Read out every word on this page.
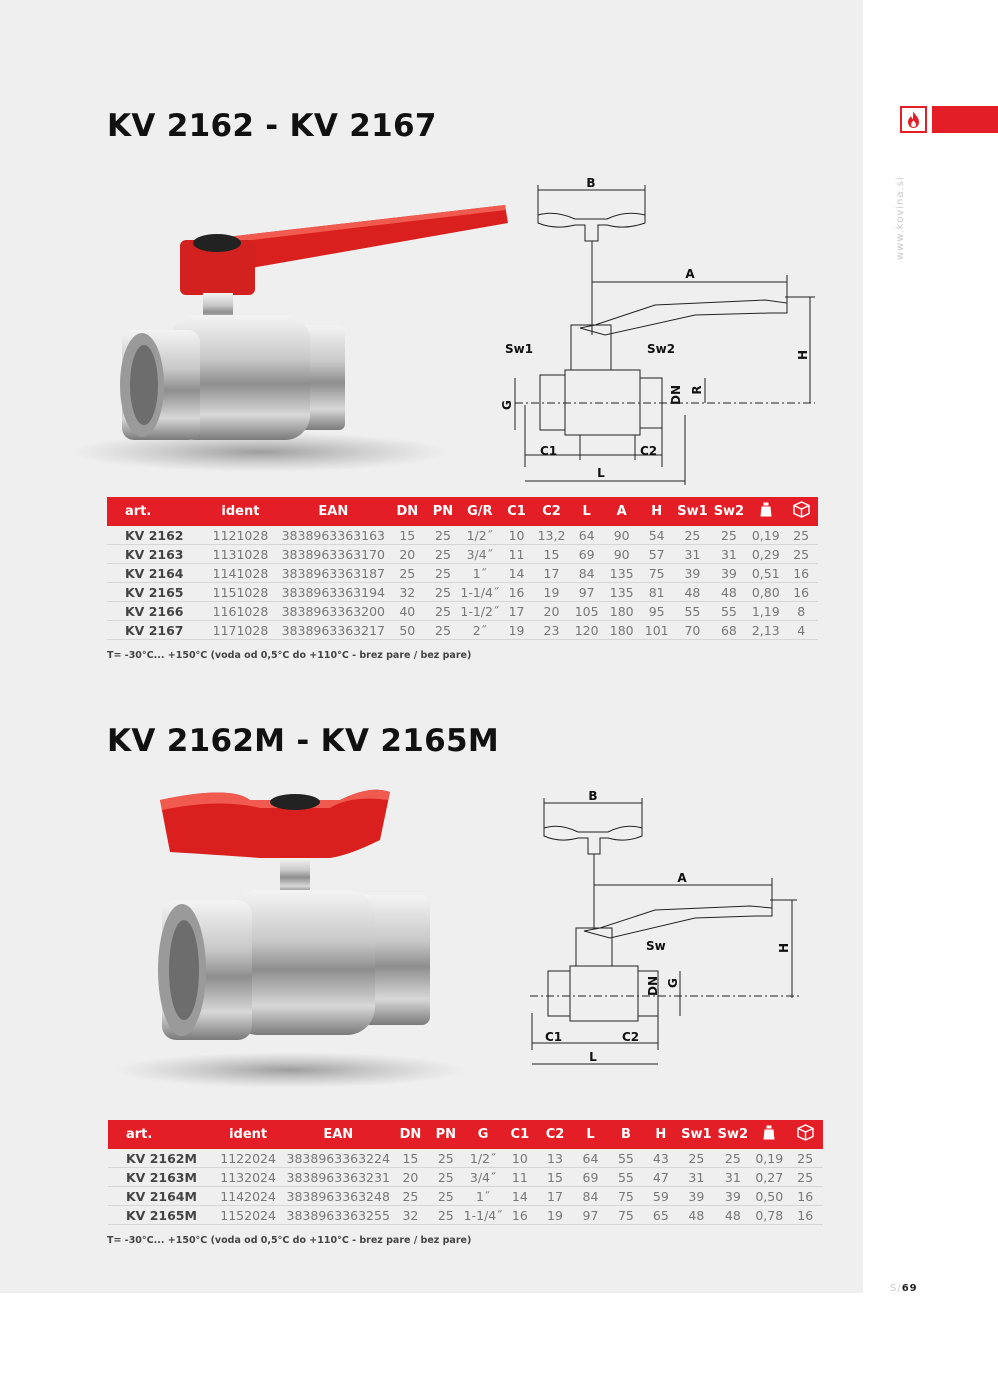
www.kovina.si
KV 2162 - KV 2167
B
A
H
Sw1	Sw2
G	DN R
C1	C2
L
art.	ident	EAN	DN	PN	G/R	C1	C2	L	A	H	Sw1	Sw2		
KV 2162	1121028	3838963363163	15	25	1/2˝	10	13,2	64	90	54	25	25	0,19	25
KV 2163	1131028	3838963363170	20	25	3/4˝	11	15	69	90	57	31	31	0,29	25
KV 2164	1141028	3838963363187	25	25	1˝	14	17	84	135	75	39	39	0,51	16
KV 2165	1151028	3838963363194	32	25	1-1/4˝	16	19	97	135	81	48	48	0,80	16
KV 2166	1161028	3838963363200	40	25	1-1/2˝	17	20	105	180	95	55	55	1,19	8
KV 2167	1171028	3838963363217	50	25	2˝	19	23	120	180	101	70	68	2,13	4
T= -30°C... +150°C (voda od 0,5°C do +110°C - brez pare / bez pare)
KV 2162M - KV 2165M
B
A
H
Sw
DN G
C1	C2
L
art.	ident	EAN	DN	PN	G	C1	C2	L	B	H	Sw1	Sw2		
KV 2162M	1122024	3838963363224	15	25	1/2˝	10	13	64	55	43	25	25	0,19	25
KV 2163M	1132024	3838963363231	20	25	3/4˝	11	15	69	55	47	31	31	0,27	25
KV 2164M	1142024	3838963363248	25	25	1˝	14	17	84	75	59	39	39	0,50	16
KV 2165M	1152024	3838963363255	32	25	1-1/4˝	16	19	97	75	65	48	48	0,78	16
T= -30°C... +150°C (voda od 0,5°C do +110°C - brez pare / bez pare)
S/69
